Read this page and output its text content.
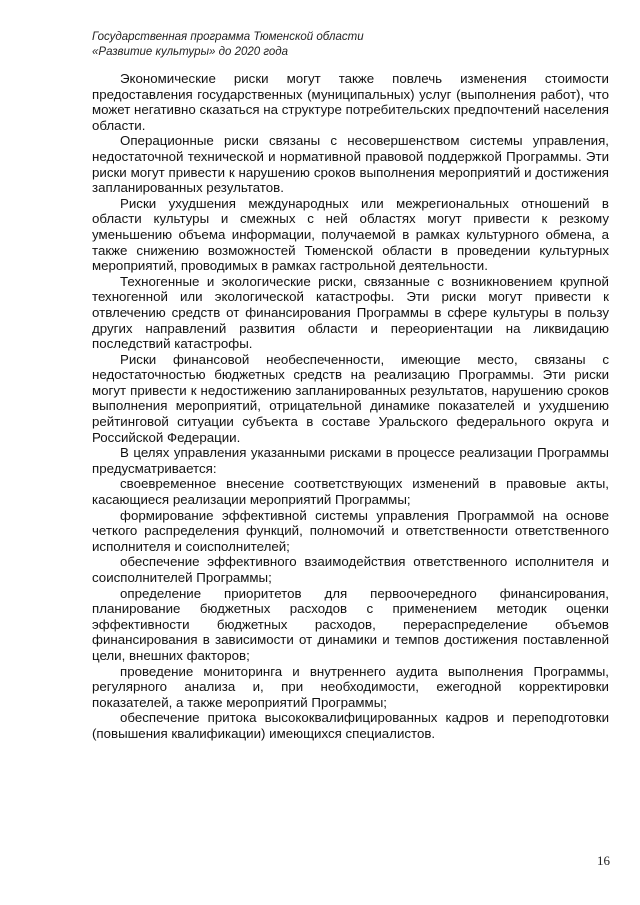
Государственная программа Тюменской области
«Развитие культуры» до 2020 года

Экономические риски могут также повлечь изменения стоимости предоставления государственных (муниципальных) услуг (выполнения работ), что может негативно сказаться на структуре потребительских предпочтений населения области.

Операционные риски связаны с несовершенством системы управления, недостаточной технической и нормативной правовой поддержкой Программы. Эти риски могут привести к нарушению сроков выполнения мероприятий и достижения запланированных результатов.

Риски ухудшения международных или межрегиональных отношений в области культуры и смежных с ней областях могут привести к резкому уменьшению объема информации, получаемой в рамках культурного обмена, а также снижению возможностей Тюменской области в проведении культурных мероприятий, проводимых в рамках гастрольной деятельности.

Техногенные и экологические риски, связанные с возникновением крупной техногенной или экологической катастрофы. Эти риски могут привести к отвлечению средств от финансирования Программы в сфере культуры в пользу других направлений развития области и переориентации на ликвидацию последствий катастрофы.

Риски финансовой необеспеченности, имеющие место, связаны с недостаточностью бюджетных средств на реализацию Программы. Эти риски могут привести к недостижению запланированных результатов, нарушению сроков выполнения мероприятий, отрицательной динамике показателей и ухудшению рейтинговой ситуации субъекта в составе Уральского федерального округа и Российской Федерации.

В целях управления указанными рисками в процессе реализации Программы предусматривается:

своевременное внесение соответствующих изменений в правовые акты, касающиеся реализации мероприятий Программы;

формирование эффективной системы управления Программой на основе четкого распределения функций, полномочий и ответственности ответственного исполнителя и соисполнителей;

обеспечение эффективного взаимодействия ответственного исполнителя и соисполнителей Программы;

определение приоритетов для первоочередного финансирования, планирование бюджетных расходов с применением методик оценки эффективности бюджетных расходов, перераспределение объемов финансирования в зависимости от динамики и темпов достижения поставленной цели, внешних факторов;

проведение мониторинга и внутреннего аудита выполнения Программы, регулярного анализа и, при необходимости, ежегодной корректировки показателей, а также мероприятий Программы;

обеспечение притока высококвалифицированных кадров и переподготовки (повышения квалификации) имеющихся специалистов.

16
